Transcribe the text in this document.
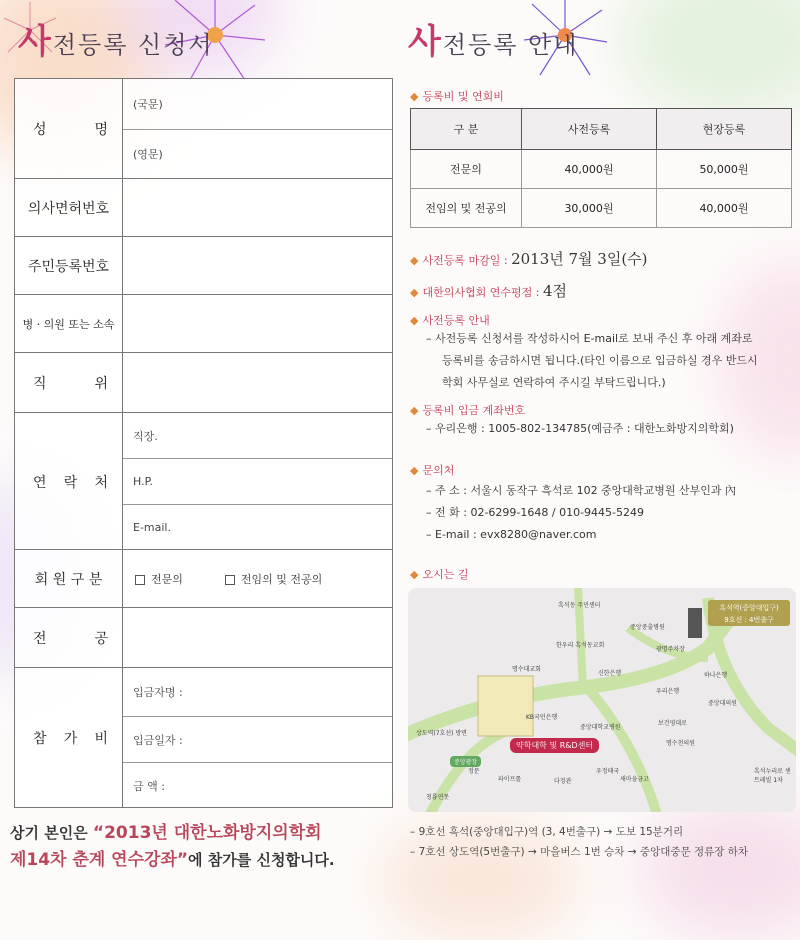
사전등록 신청서
성	명
(국문)
(영문)
의사면허번호
주민등록번호
병 · 의원 또는 소속
직	위
연 락 처
직장.
H.P.
E-mail.
회 원 구 분	전문의	전임의 및 전공의
전	공
참 가 비
입금자명 :
입금일자 :
금 액 :
상기 본인은 “2013년 대한노화방지의학회
제14차 춘계 연수강좌”에 참가를 신청합니다.
사전등록 안내
◆ 등록비 및 연회비
구 분	사전등록	현장등록
전문의	40,000원	50,000원
전임의 및 전공의	30,000원	40,000원
◆ 사전등록 마감일 : 2013년 7월 3일(수)
◆ 대한의사협회 연수평점 : 4점
◆ 사전등록 안내
– 사전등록 신청서를 작성하시어 E-mail로 보내 주신 후 아래 계좌로
등록비를 송금하시면 됩니다.(타인 이름으로 입금하실 경우 반드시
학회 사무실로 연락하여 주시길 부탁드립니다.)
◆ 등록비 입금 계좌번호
– 우리은행 : 1005-802-134785(예금주 : 대한노화방지의학회)
◆ 문의처
– 주 소 : 서울시 동작구 흑석로 102 중앙대학교병원 산부인과 內
– 전 화 : 02-6299-1648 / 010-9445-5249
– E-mail : evx8280@naver.com
◆ 오시는 길
흑석역(중앙대입구)
9호선 : 4번출구
약학대학 및 R&D센터
중앙광장
정문
흑석동 주민센터
중앙중출병원
한우리 흑석동교회
명수대교회
신한은행
광명주차장
우리은행
하나은행
중앙대학교병원
KB국민은행
보건영대로
중앙대의원
명수천의원
파이프롤	다정관
우정태국
새마을금고
흑석누리로 센트레빌 1차
청룡연못
상도역(7호선) 방면
– 9호선 흑석(중앙대입구)역 (3, 4번출구) → 도보 15분거리
– 7호선 상도역(5번출구) → 마을버스 1번 승차 → 중앙대중문 정류장 하차
